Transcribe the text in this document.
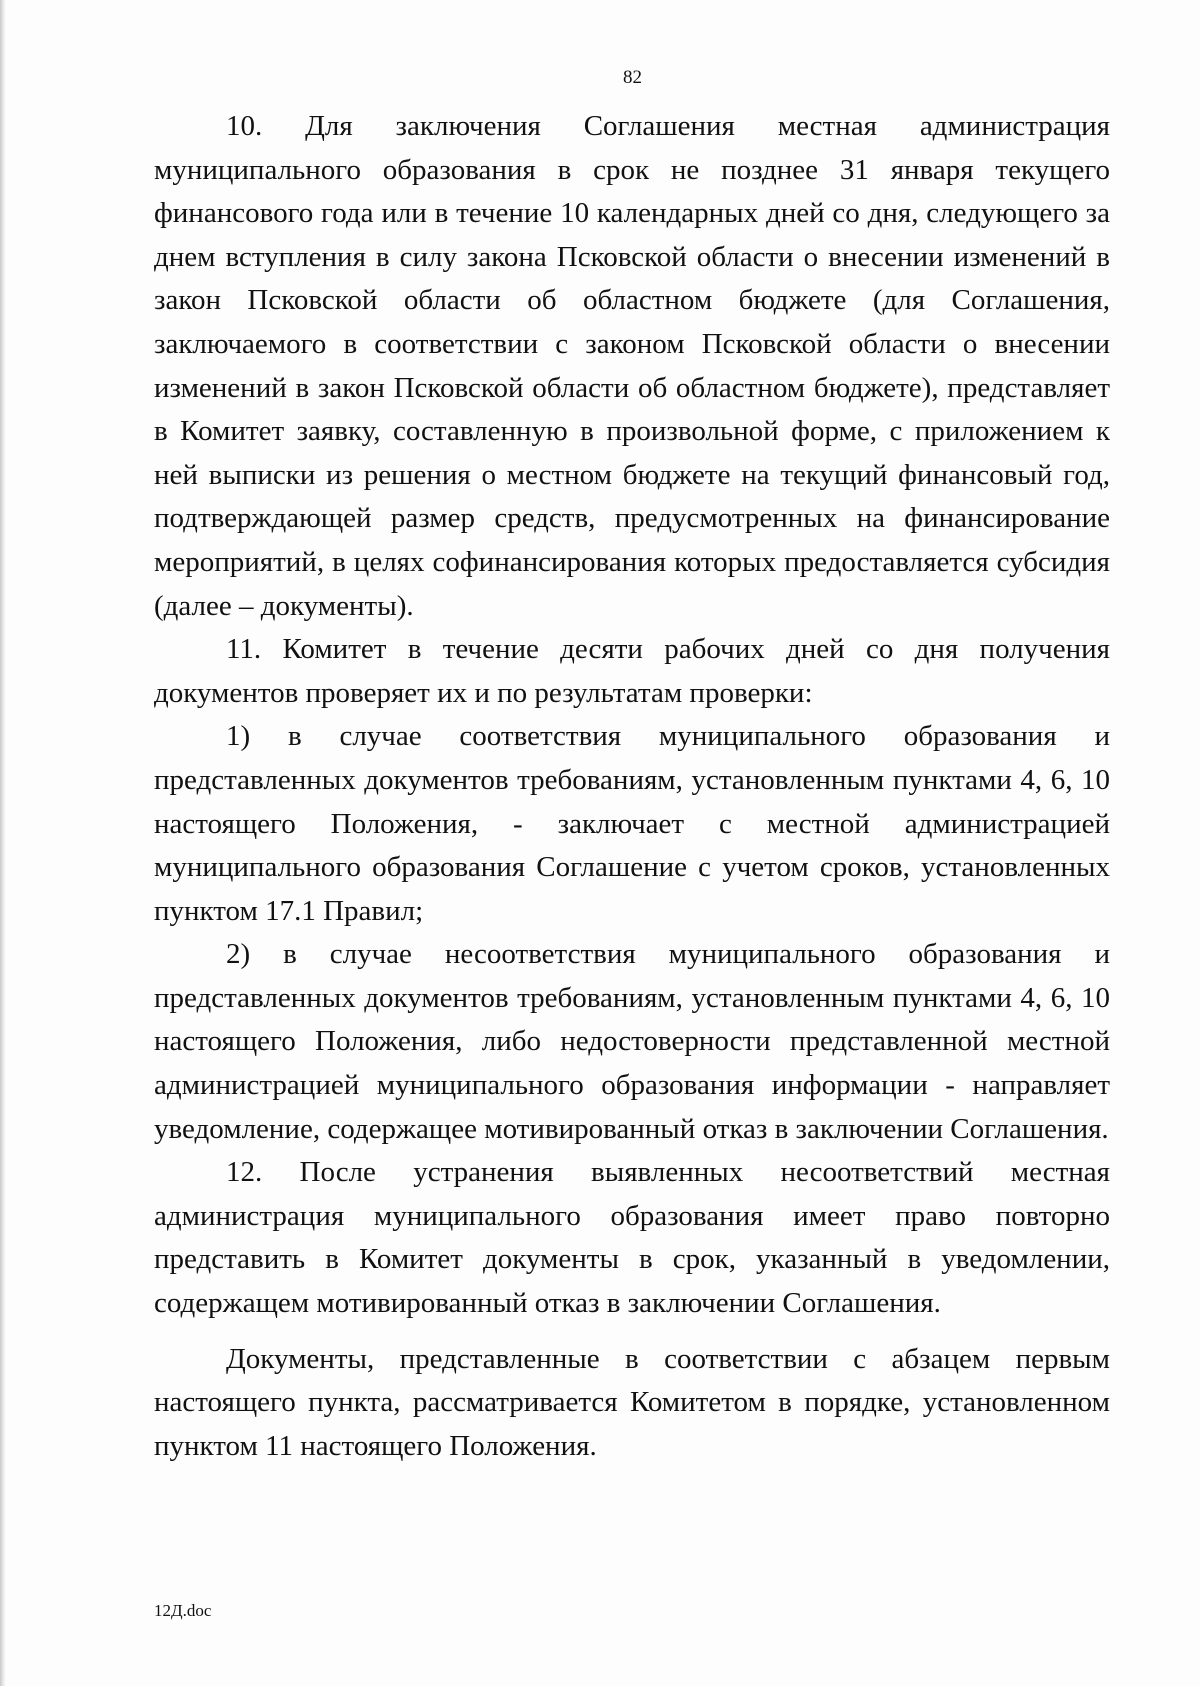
82

10. Для заключения Соглашения местная администрация муниципального образования в срок не позднее 31 января текущего финансового года или в течение 10 календарных дней со дня, следующего за днем вступления в силу закона Псковской области о внесении изменений в закон Псковской области об областном бюджете (для Соглашения, заключаемого в соответствии с законом Псковской области о внесении изменений в закон Псковской области об областном бюджете), представляет в Комитет заявку, составленную в произвольной форме, с приложением к ней выписки из решения о местном бюджете на текущий финансовый год, подтверждающей размер средств, предусмотренных на финансирование мероприятий, в целях софинансирования которых предоставляется субсидия (далее – документы).

11. Комитет в течение десяти рабочих дней со дня получения документов проверяет их и по результатам проверки:

1) в случае соответствия муниципального образования и представленных документов требованиям, установленным пунктами 4, 6, 10 настоящего Положения, - заключает с местной администрацией муниципального образования Соглашение с учетом сроков, установленных пунктом 17.1 Правил;

2) в случае несоответствия муниципального образования и представленных документов требованиям, установленным пунктами 4, 6, 10 настоящего Положения, либо недостоверности представленной местной администрацией муниципального образования информации - направляет уведомление, содержащее мотивированный отказ в заключении Соглашения.

12. После устранения выявленных несоответствий местная администрация муниципального образования имеет право повторно представить в Комитет документы в срок, указанный в уведомлении, содержащем мотивированный отказ в заключении Соглашения.

Документы, представленные в соответствии с абзацем первым настоящего пункта, рассматривается Комитетом в порядке, установленном пунктом 11 настоящего Положения.

12Д.doc
